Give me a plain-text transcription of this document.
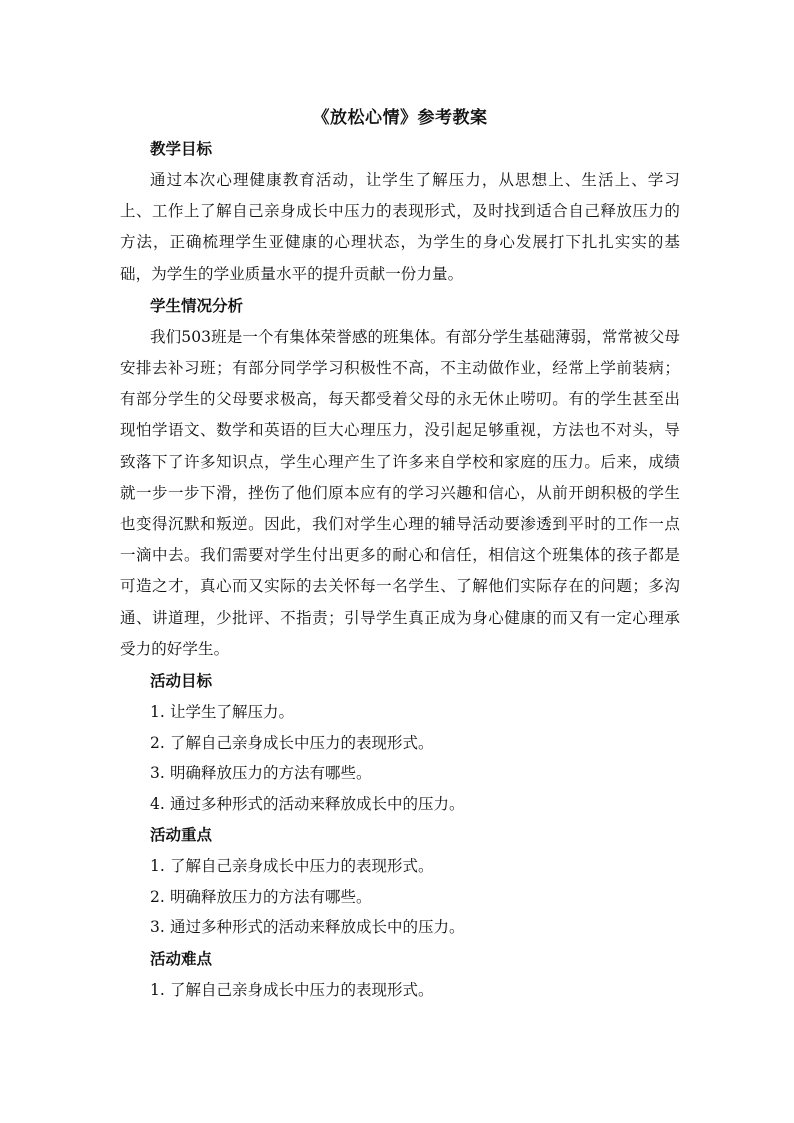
《放松心情》参考教案
教学目标

通过本次心理健康教育活动，让学生了解压力，从思想上、生活上、学习上、工作上了解自己亲身成长中压力的表现形式，及时找到适合自己释放压力的方法，正确梳理学生亚健康的心理状态，为学生的身心发展打下扎扎实实的基础，为学生的学业质量水平的提升贡献一份力量。

学生情况分析

我们503班是一个有集体荣誉感的班集体。有部分学生基础薄弱，常常被父母安排去补习班；有部分同学学习积极性不高，不主动做作业，经常上学前装病；有部分学生的父母要求极高，每天都受着父母的永无休止唠叨。有的学生甚至出现怕学语文、数学和英语的巨大心理压力，没引起足够重视，方法也不对头，导致落下了许多知识点，学生心理产生了许多来自学校和家庭的压力。后来，成绩就一步一步下滑，挫伤了他们原本应有的学习兴趣和信心，从前开朗积极的学生也变得沉默和叛逆。因此，我们对学生心理的辅导活动要渗透到平时的工作一点一滴中去。我们需要对学生付出更多的耐心和信任，相信这个班集体的孩子都是可造之才，真心而又实际的去关怀每一名学生、了解他们实际存在的问题；多沟通、讲道理，少批评、不指责；引导学生真正成为身心健康的而又有一定心理承受力的好学生。

活动目标
1. 让学生了解压力。
2. 了解自己亲身成长中压力的表现形式。
3. 明确释放压力的方法有哪些。
4. 通过多种形式的活动来释放成长中的压力。
活动重点
1. 了解自己亲身成长中压力的表现形式。
2. 明确释放压力的方法有哪些。
3. 通过多种形式的活动来释放成长中的压力。
活动难点
1. 了解自己亲身成长中压力的表现形式。
